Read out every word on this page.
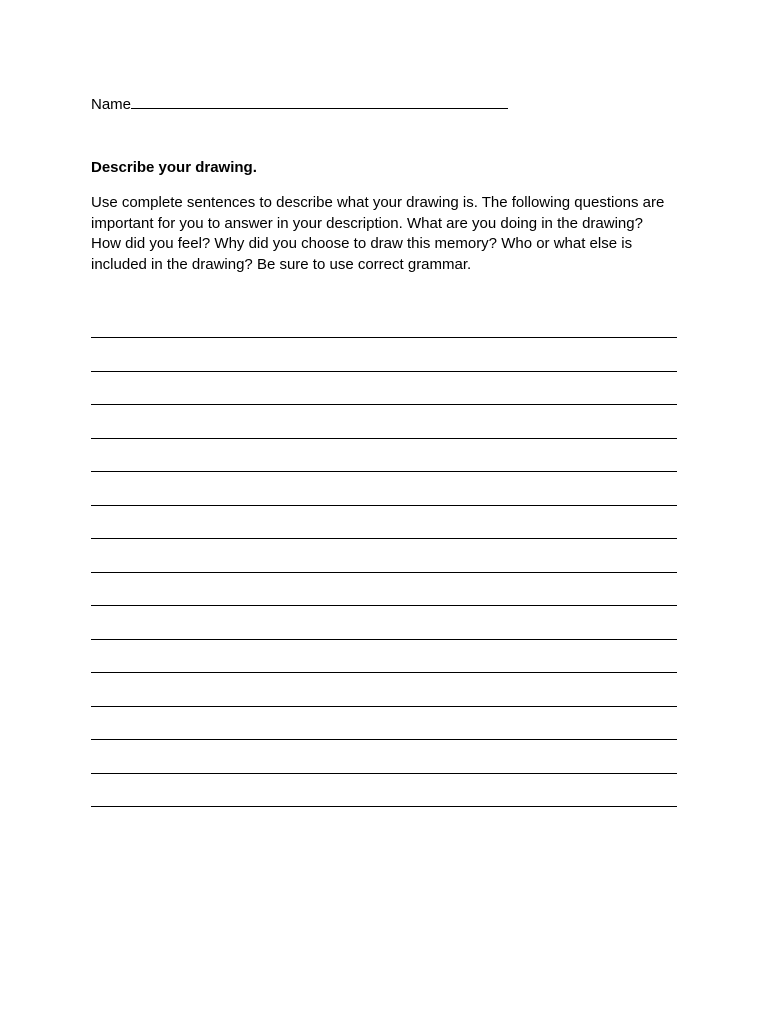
Name
Describe your drawing.
Use complete sentences to describe what your drawing is. The following questions are
important for you to answer in your description. What are you doing in the drawing?
How did you feel? Why did you choose to draw this memory? Who or what else is
included in the drawing? Be sure to use correct grammar.
